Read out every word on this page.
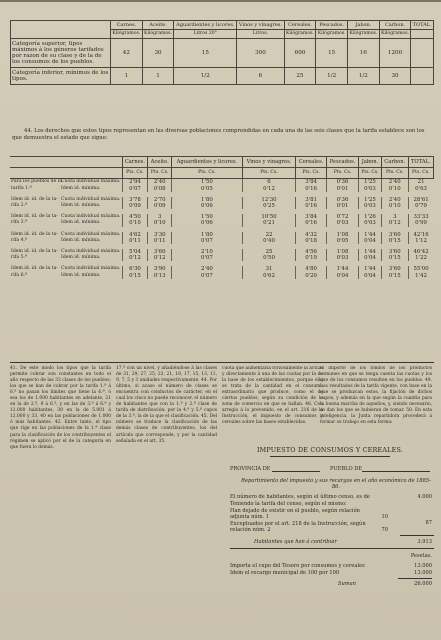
	Carnes.	Aceite.	Aguardientes y licores.	Vinos y vinagres.	Cereales.	Pescados.	Jabon.	Carbon.	TOTAL.
	Kilógramos.	Kilógramos.	Litros 20°	Litros.	Kilógramos.	Kilógramos.	Kilógramos.	Kilógramos.	
Categoría superior, tipos máximos á los géneros tarifados por razon de su clase y de la de los consumos de los pueblos.	42	30	15	300	600	15	16	1200	
Categoría inferior, mínimos de los tipos.	1	1	1/2	6	25	1/2	1/2	30	
44. Los derechos que estos tipos representan en las diversas poblaciones comprendidas en cada una de las seis clases que la tarifa establece son los que demuestra el estado que sigue:
	Carnes.	Aceite.	Aguardientes y licores.	Vinos y vinagres.	Cereales.	Pescados.	Jabon.	Carbon.	TOTAL.
	Pts. Cs.	Pts. Cs.	Pts. Cs.	Pts. Cs.	Pts. Cs.	Pts. Cs.	Pts. Cs.	Pts. Cs.	Pts. Cs.
Para los pueblos de laCuota individual máxima.	2'94	2'40	1'50	6	3'84	0'36	1'25	2'40	21
tarifa 1.ª Idem id. mínima.	0'07	0'08	0'05	0'12	0'16	0'01	0'03	0'10	0'63

Idem id. id. de la ta- Cuota individual máxima.	3'78	2'70	1'80	12'30	3'81	0'36	1'25	2'40	28'61
rifa 2.ª Idem id. mínima.	0'09	0'09	0'06	0'25	0'16	0'01	0'03	0'10	0'79

Idem id. id. de la ta- Cuota individual máxima.	4'50	3	1'50	10'50	3'84	0'72	1'26	3	33'33
rifa 3.ª Idem id. mínima.	0'10	0'10	0'06	0'21	0'16	0'03	0'03	0'12	0'99

Idem id. id. de la ta- Cuota individual máxima.	4'62	3'30	1'80	22	4'32	1'08	1'44	3'60	42'16
rifa 4.ª Idem id. mínima.	0'11	0'11	0'07	0'40	0'18	0'05	0'04	0'15	1'12

Idem id. id. de la ta- Cuota individual máxima.	5'04	3'60	2'10	25	4'56	1'08	1'44	3'60	46'42
rifa 5.ª Idem id. mínima.	0'12	0'12	0'07	0'50	0'19	0'03	0'04	0'15	1'22

Idem id. id. de la ta- Cuota individual máxima.	6'30	3'90	2'40	31	4'80	1'44	1'44	3'60	55'00
rifa 6.ª Idem id. mínima.	0'15	0'13	0'07	0'62	0'20	0'04	0'04	0'15	1'42

41. De este modo los tipos que la tarifa permite cobrar son constantes en todo el año respecto de las 33 clases de los pueblos; los que se han de cobrar por la tarifa 1.ª á 6.ª no pasan los límites que tiene la 6.ª, ó sea los de 1.000 habitantes en adelante, 21 en la de 2.ª, 9 á 6.ª, y en las de 3.ª á 6.ª y 12.000 habitantes, 30 en la de 5.001 á 12.000 y 33, 40 en las poblaciones de 1.000 ó más habitantes. 42. Entre tanto, el tipo que rige en las poblaciones de la 1.ª clase para la clasificación de los contribuyentes el régimen se aplicó por el de la categoría en que fuera lo demás.
17.ª con un nivel, y añadiéndose á las clases de 31, 29, 27, 25, 23, 21, 19, 17, 15, 13, 11, 9, 7, 5 y 3 unidades respectivamente. 44. Por último, si acaso el número de clases se encuentra con conductos de carácter, en el cual los cinco no puede reconocer, el número de habitantes que con la 1.ª y 2.ª clase de tarifa de distribución: por la 4.ª y 5.ª cupos de la 3.ª, la de la que el clasificación. 45. Del número se traduce la clasificación de las demás clases de contribuyentes, los del artículo que corresponde, y por la cantidad señalada en el art. 35.
cuota que aumentaría forzosamente la actual y directamente á una de las cuotas por la de la base de los establecimientos, porque ello se trata de la cantidad en el consumo extraordinario que produce, como el de ciertos pueblos, según su condición de la zona de comercio en que se hallan. 48. Con arreglo á lo prevenido, en el art. 216 de la Instrucción, el impuesto de consumos y cereales sobre las bases establecidas.
el importe de los fondos de los productos comunes en que se tenga cuenta las cuotas y los que de los consumos resulten en los pueblos. 49. Los resultados de la tarifa vigente, con base en la que se produzcan estos, la fijación de dichos cupos, y además en la que según la cuantía para la buena marcha de aquellos, y, siendo necesario, se dan los que se hubieran de tomar. 50. En esta inteligencia, la Junta repartidora procederá á formar su trabajo en esta forma:
IMPUESTO DE CONSUMOS Y CEREALES.
PROVINCIA DE	PUEBLO DE
Repartimiento del impuesto y sus recargos en el año económico de 1885-86.
El número de habitantes, según el último censo, es de	4.000
Teniendo la tarifa del censo, según el mismo:
Han dejado de existir en el pueblo, según relación adjunta núm. 1	10
87
Exceptuados por el art. 218 de la Instrucción, según relación núm. 2	70
Habitantes que han á contribuir	3.913
Pesetas.
Importa el cupo del Tesoro por consumos y cereales	13.000
Idem el recargo municipal de 100 por 100	13.000
Suman	26.000
